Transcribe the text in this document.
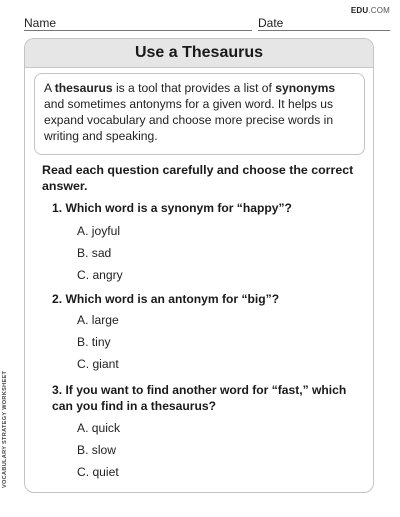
EDU.COM
Name	Date
VOCABULARY STRATEGY WORKSHEET
Use a Thesaurus
A thesaurus is a tool that provides a list of synonyms and sometimes antonyms for a given word. It helps us expand vocabulary and choose more precise words in writing and speaking.
Read each question carefully and choose the correct answer.
1. Which word is a synonym for “happy”?
A. joyful
B. sad
C. angry
2. Which word is an antonym for “big”?
A. large
B. tiny
C. giant
3. If you want to find another word for “fast,” which can you find in a thesaurus?
A. quick
B. slow
C. quiet
